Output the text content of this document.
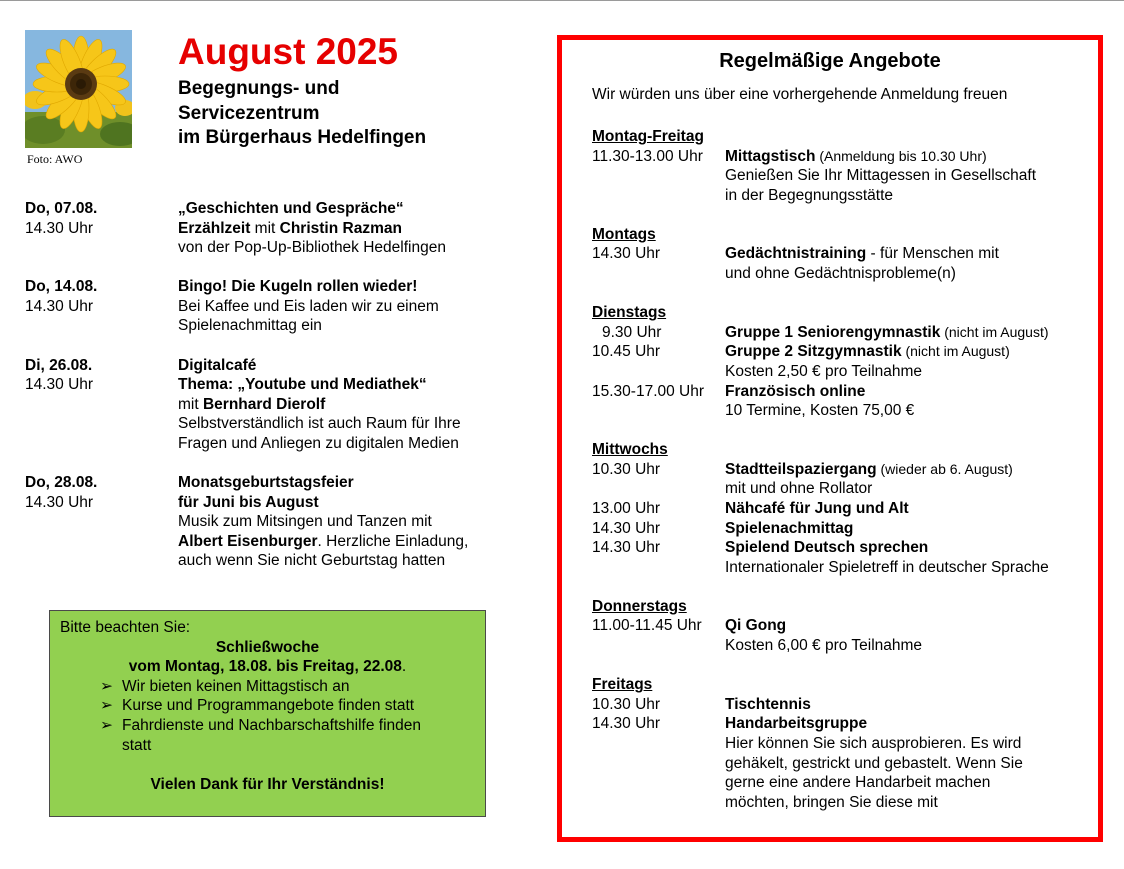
Foto: AWO
August 2025
Begegnungs- und
Servicezentrum
im Bürgerhaus Hedelfingen
Do, 07.08.
14.30 Uhr
„Geschichten und Gespräche“
Erzählzeit mit Christin Razman
von der Pop-Up-Bibliothek Hedelfingen
Do, 14.08.
14.30 Uhr
Bingo! Die Kugeln rollen wieder!
Bei Kaffee und Eis laden wir zu einem
Spielenachmittag ein
Di, 26.08.
14.30 Uhr
Digitalcafé
Thema: „Youtube und Mediathek“
mit Bernhard Dierolf
Selbstverständlich ist auch Raum für Ihre
Fragen und Anliegen zu digitalen Medien
Do, 28.08.
14.30 Uhr
Monatsgeburtstagsfeier
für Juni bis August
Musik zum Mitsingen und Tanzen mit
Albert Eisenburger. Herzliche Einladung,
auch wenn Sie nicht Geburtstag hatten
Bitte beachten Sie:
Schließwoche
vom Montag, 18.08. bis Freitag, 22.08.
➢ Wir bieten keinen Mittagstisch an
➢ Kurse und Programmangebote finden statt
➢ Fahrdienste und Nachbarschaftshilfe finden
statt
Vielen Dank für Ihr Verständnis!
Regelmäßige Angebote
Wir würden uns über eine vorhergehende Anmeldung freuen
Montag-Freitag
11.30-13.00 Uhr	Mittagstisch (Anmeldung bis 10.30 Uhr)
Genießen Sie Ihr Mittagessen in Gesellschaft
in der Begegnungsstätte
Montags
14.30 Uhr	Gedächtnistraining - für Menschen mit
und ohne Gedächtnisprobleme(n)
Dienstags
9.30 Uhr	Gruppe 1 Seniorengymnastik (nicht im August)
10.45 Uhr	Gruppe 2 Sitzgymnastik (nicht im August)
Kosten 2,50 € pro Teilnahme
15.30-17.00 Uhr	Französisch online
10 Termine, Kosten 75,00 €
Mittwochs
10.30 Uhr	Stadtteilspaziergang (wieder ab 6. August)
mit und ohne Rollator
13.00 Uhr	Nähcafé für Jung und Alt
14.30 Uhr	Spielenachmittag
14.30 Uhr	Spielend Deutsch sprechen
Internationaler Spieletreff in deutscher Sprache
Donnerstags
11.00-11.45 Uhr	Qi Gong
Kosten 6,00 € pro Teilnahme
Freitags
10.30 Uhr	Tischtennis
14.30 Uhr	Handarbeitsgruppe
Hier können Sie sich ausprobieren. Es wird
gehäkelt, gestrickt und gebastelt. Wenn Sie
gerne eine andere Handarbeit machen
möchten, bringen Sie diese mit
